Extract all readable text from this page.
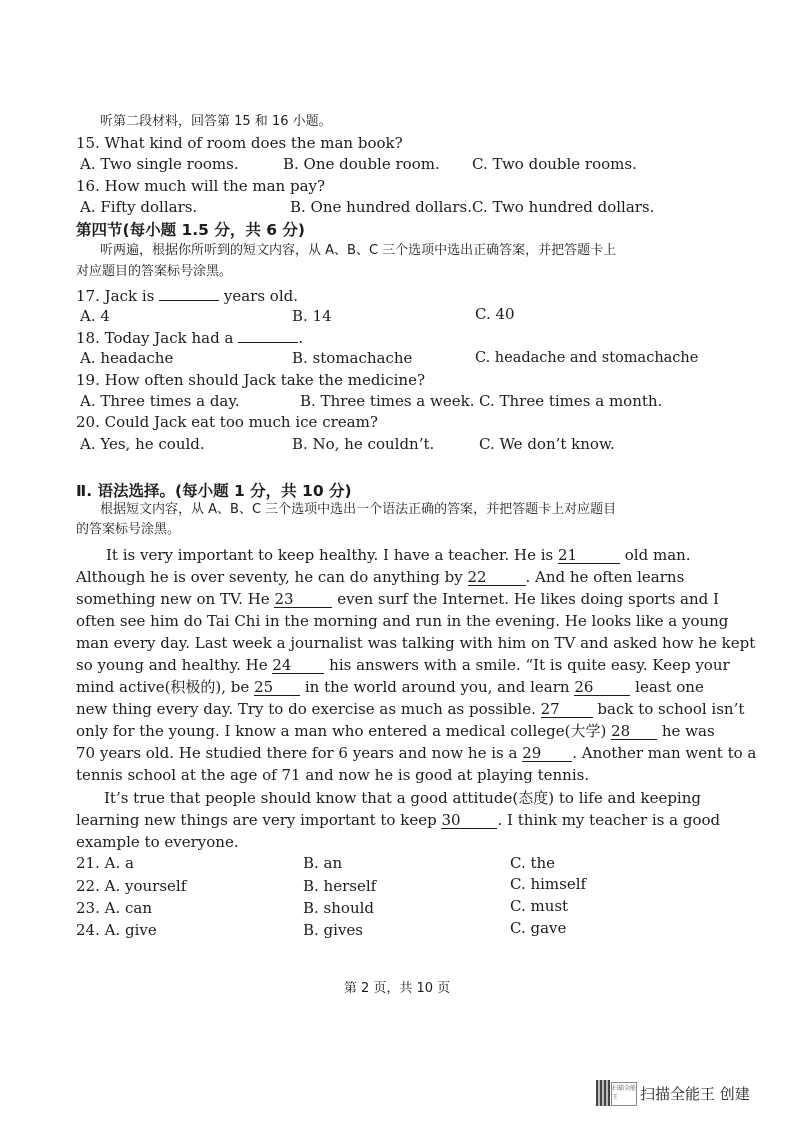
听第二段材料，回答第 15 和 16 小题。
15. What kind of room does the man book?
A. Two single rooms.	B. One double room. C. Two double rooms.
16. How much will the man pay?
A. Fifty dollars.	B. One hundred dollars. C. Two hundred dollars.
第四节(每小题 1.5 分，共 6 分)
听两遍，根据你所听到的短文内容，从 A、B、C 三个选项中选出正确答案，并把答题卡上
对应题目的答案标号涂黑。
17. Jack is	years old.
A. 4	B. 14	C. 40
18. Today Jack had a	.
A. headache	B. stomachache	C. headache and stomachache
19. How often should Jack take the medicine?
A. Three times a day.	B. Three times a week. C. Three times a month.
20. Could Jack eat too much ice cream?
A. Yes, he could.	B. No, he couldn’t.	C. We don’t know.
Ⅱ. 语法选择。(每小题 1 分，共 10 分)
根据短文内容，从 A、B、C 三个选项中选出一个语法正确的答案，并把答题卡上对应题目
的答案标号涂黑。
It is very important to keep healthy. I have a teacher. He is 21	old man.
Although he is over seventy, he can do anything by 22	. And he often learns
something new on TV. He 23	even surf the Internet. He likes doing sports and I
often see him do Tai Chi in the morning and run in the evening. He looks like a young
man every day. Last week a journalist was talking with him on TV and asked how he kept
so young and healthy. He 24	his answers with a smile. “It is quite easy. Keep your
mind active(积极的), be 25 in the world around you, and learn 26	least one
new thing every day. Try to do exercise as much as possible. 27	back to school isn’t
only for the young. I know a man who entered a medical college(大学) 28 he was
70 years old. He studied there for 6 years and now he is a 29 . Another man went to a
tennis school at the age of 71 and now he is good at playing tennis.
It’s true that people should know that a good attitude(态度) to life and keeping
learning new things are very important to keep 30 . I think my teacher is a good
example to everyone.
21. A. a	B. an	C. the
22. A. yourself	B. herself	C. himself
23. A. can	B. should	C. must
24. A. give	B. gives	C. gave
第 2 页，共 10 页
扫描全能王	扫描全能王 创建
